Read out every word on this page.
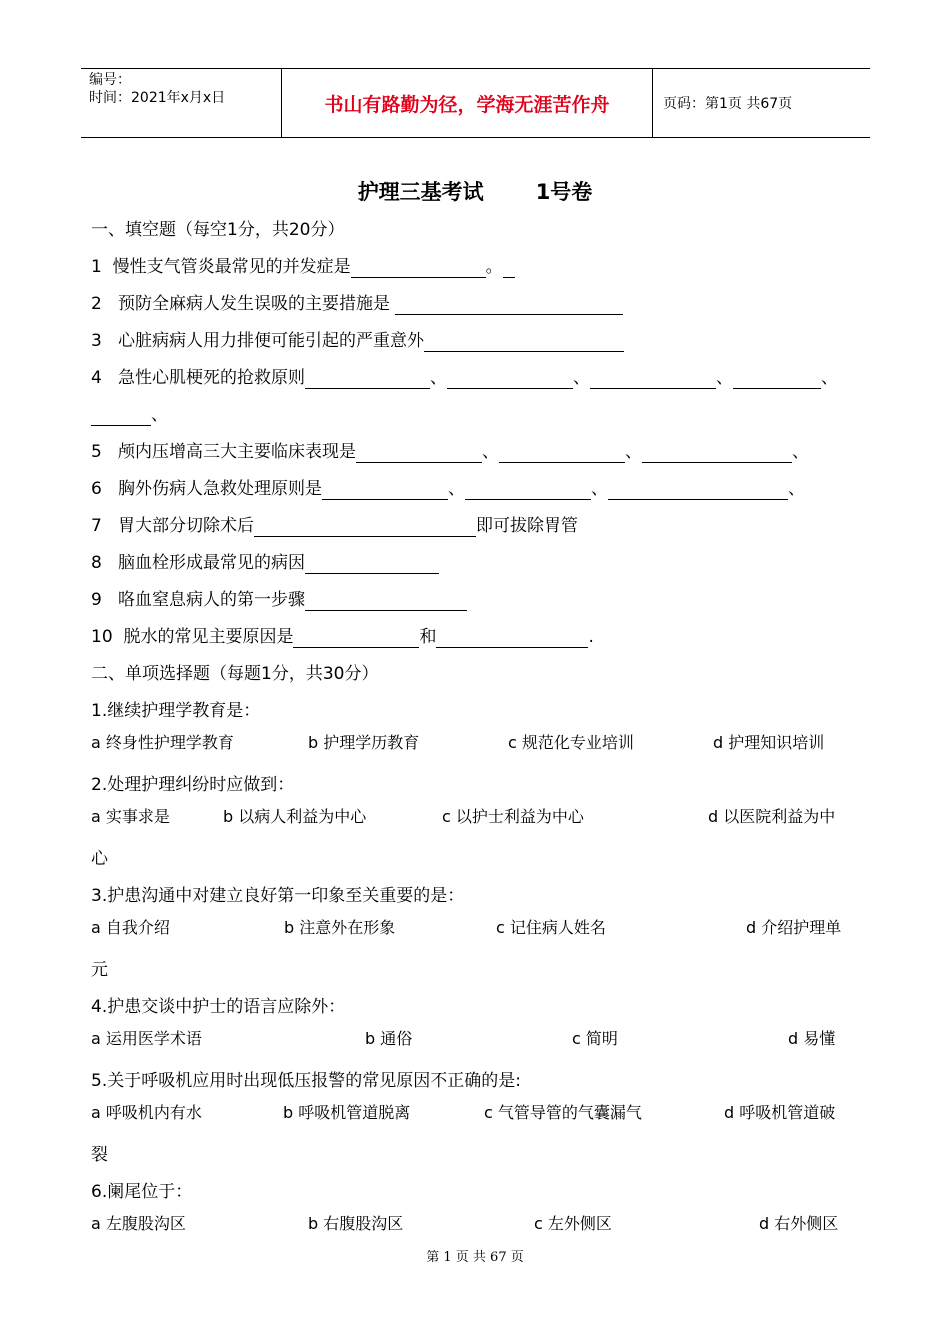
编号：
时间：2021年x月x日	书山有路勤为径，学海无涯苦作舟	页码：第1页 共67页
护理三基考试 1号卷
一、填空题（每空1分，共20分）
1 慢性支气管炎最常见的并发症是	。
2 预防全麻病人发生误吸的主要措施是
3 心脏病病人用力排便可能引起的严重意外
4 急性心肌梗死的抢救原则	、	、	、	、
、
5 颅内压增高三大主要临床表现是	、	、	、
6 胸外伤病人急救处理原则是	、	、	、
7 胃大部分切除术后	即可拔除胃管
8 脑血栓形成最常见的病因
9 咯血窒息病人的第一步骤
10 脱水的常见主要原因是	和	.
二、单项选择题（每题1分，共30分）
1.继续护理学教育是：
a 终身性护理学教育	b 护理学历教育	c 规范化专业培训	d 护理知识培训
2.处理护理纠纷时应做到：
a 实事求是	b 以病人利益为中心	c 以护士利益为中心	d 以医院利益为中
心
3.护患沟通中对建立良好第一印象至关重要的是：
a 自我介绍	b 注意外在形象	c 记住病人姓名	d 介绍护理单
元
4.护患交谈中护士的语言应除外：
a 运用医学术语	b 通俗	c 简明	d 易懂
5.关于呼吸机应用时出现低压报警的常见原因不正确的是:
a 呼吸机内有水	b 呼吸机管道脱离	c 气管导管的气囊漏气	d 呼吸机管道破
裂
6.阑尾位于：
a 左腹股沟区	b 右腹股沟区	c 左外侧区	d 右外侧区
第 1 页 共 67 页
